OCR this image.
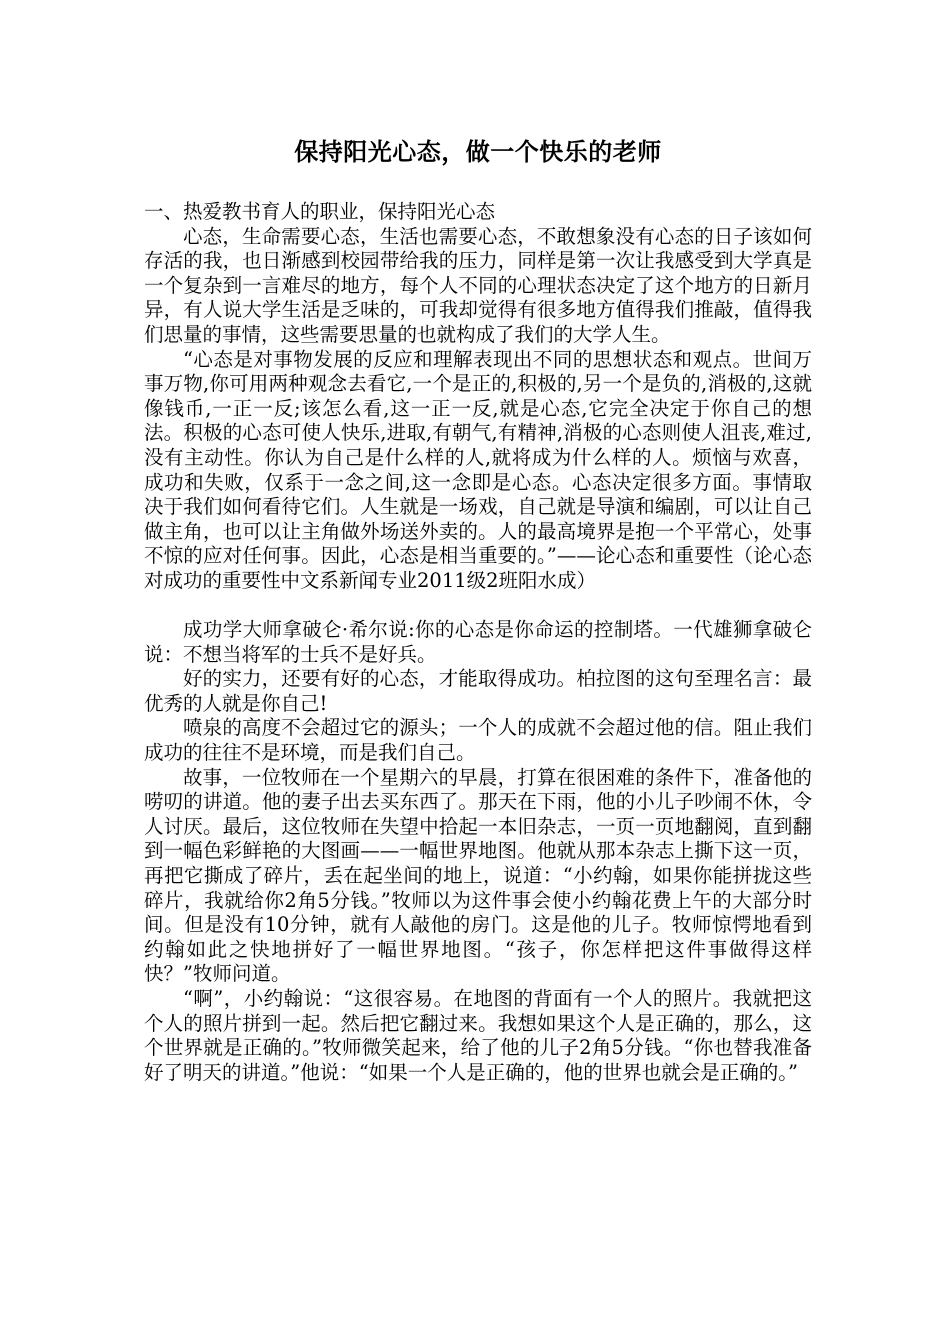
保持阳光心态，做一个快乐的老师

一、热爱教书育人的职业，保持阳光心态

心态，生命需要心态，生活也需要心态，不敢想象没有心态的日子该如何存活的我，也日渐感到校园带给我的压力，同样是第一次让我感受到大学真是一个复杂到一言难尽的地方，每个人不同的心理状态决定了这个地方的日新月异，有人说大学生活是乏味的，可我却觉得有很多地方值得我们推敲，值得我们思量的事情，这些需要思量的也就构成了我们的大学人生。

“心态是对事物发展的反应和理解表现出不同的思想状态和观点。世间万事万物,你可用两种观念去看它,一个是正的,积极的,另一个是负的,消极的,这就像钱币,一正一反;该怎么看,这一正一反,就是心态,它完全决定于你自己的想法。积极的心态可使人快乐,进取,有朝气,有精神,消极的心态则使人沮丧,难过,没有主动性。你认为自己是什么样的人,就将成为什么样的人。烦恼与欢喜，成功和失败，仅系于一念之间,这一念即是心态。心态决定很多方面。事情取决于我们如何看待它们。人生就是一场戏，自己就是导演和编剧，可以让自己做主角，也可以让主角做外场送外卖的。人的最高境界是抱一个平常心，处事不惊的应对任何事。因此，心态是相当重要的。”——论心态和重要性（论心态对成功的重要性中文系新闻专业2011级2班阳水成）

成功学大师拿破仑·希尔说:你的心态是你命运的控制塔。一代雄狮拿破仑说：不想当将军的士兵不是好兵。

好的实力，还要有好的心态，才能取得成功。柏拉图的这句至理名言：最优秀的人就是你自己!

喷泉的高度不会超过它的源头；一个人的成就不会超过他的信。阻止我们成功的往往不是环境，而是我们自己。

故事，一位牧师在一个星期六的早晨，打算在很困难的条件下，准备他的唠叨的讲道。他的妻子出去买东西了。那天在下雨，他的小儿子吵闹不休，令人讨厌。最后，这位牧师在失望中拾起一本旧杂志，一页一页地翻阅，直到翻到一幅色彩鲜艳的大图画——一幅世界地图。他就从那本杂志上撕下这一页，再把它撕成了碎片，丢在起坐间的地上，说道：“小约翰，如果你能拼拢这些碎片，我就给你2角5分钱。”牧师以为这件事会使小约翰花费上午的大部分时间。但是没有10分钟，就有人敲他的房门。这是他的儿子。牧师惊愕地看到约翰如此之快地拼好了一幅世界地图。“孩子，你怎样把这件事做得这样快？”牧师问道。

“啊”，小约翰说：“这很容易。在地图的背面有一个人的照片。我就把这个人的照片拼到一起。然后把它翻过来。我想如果这个人是正确的，那么，这个世界就是正确的。”牧师微笑起来，给了他的儿子2角5分钱。“你也替我准备好了明天的讲道。”他说：“如果一个人是正确的，他的世界也就会是正确的。”
